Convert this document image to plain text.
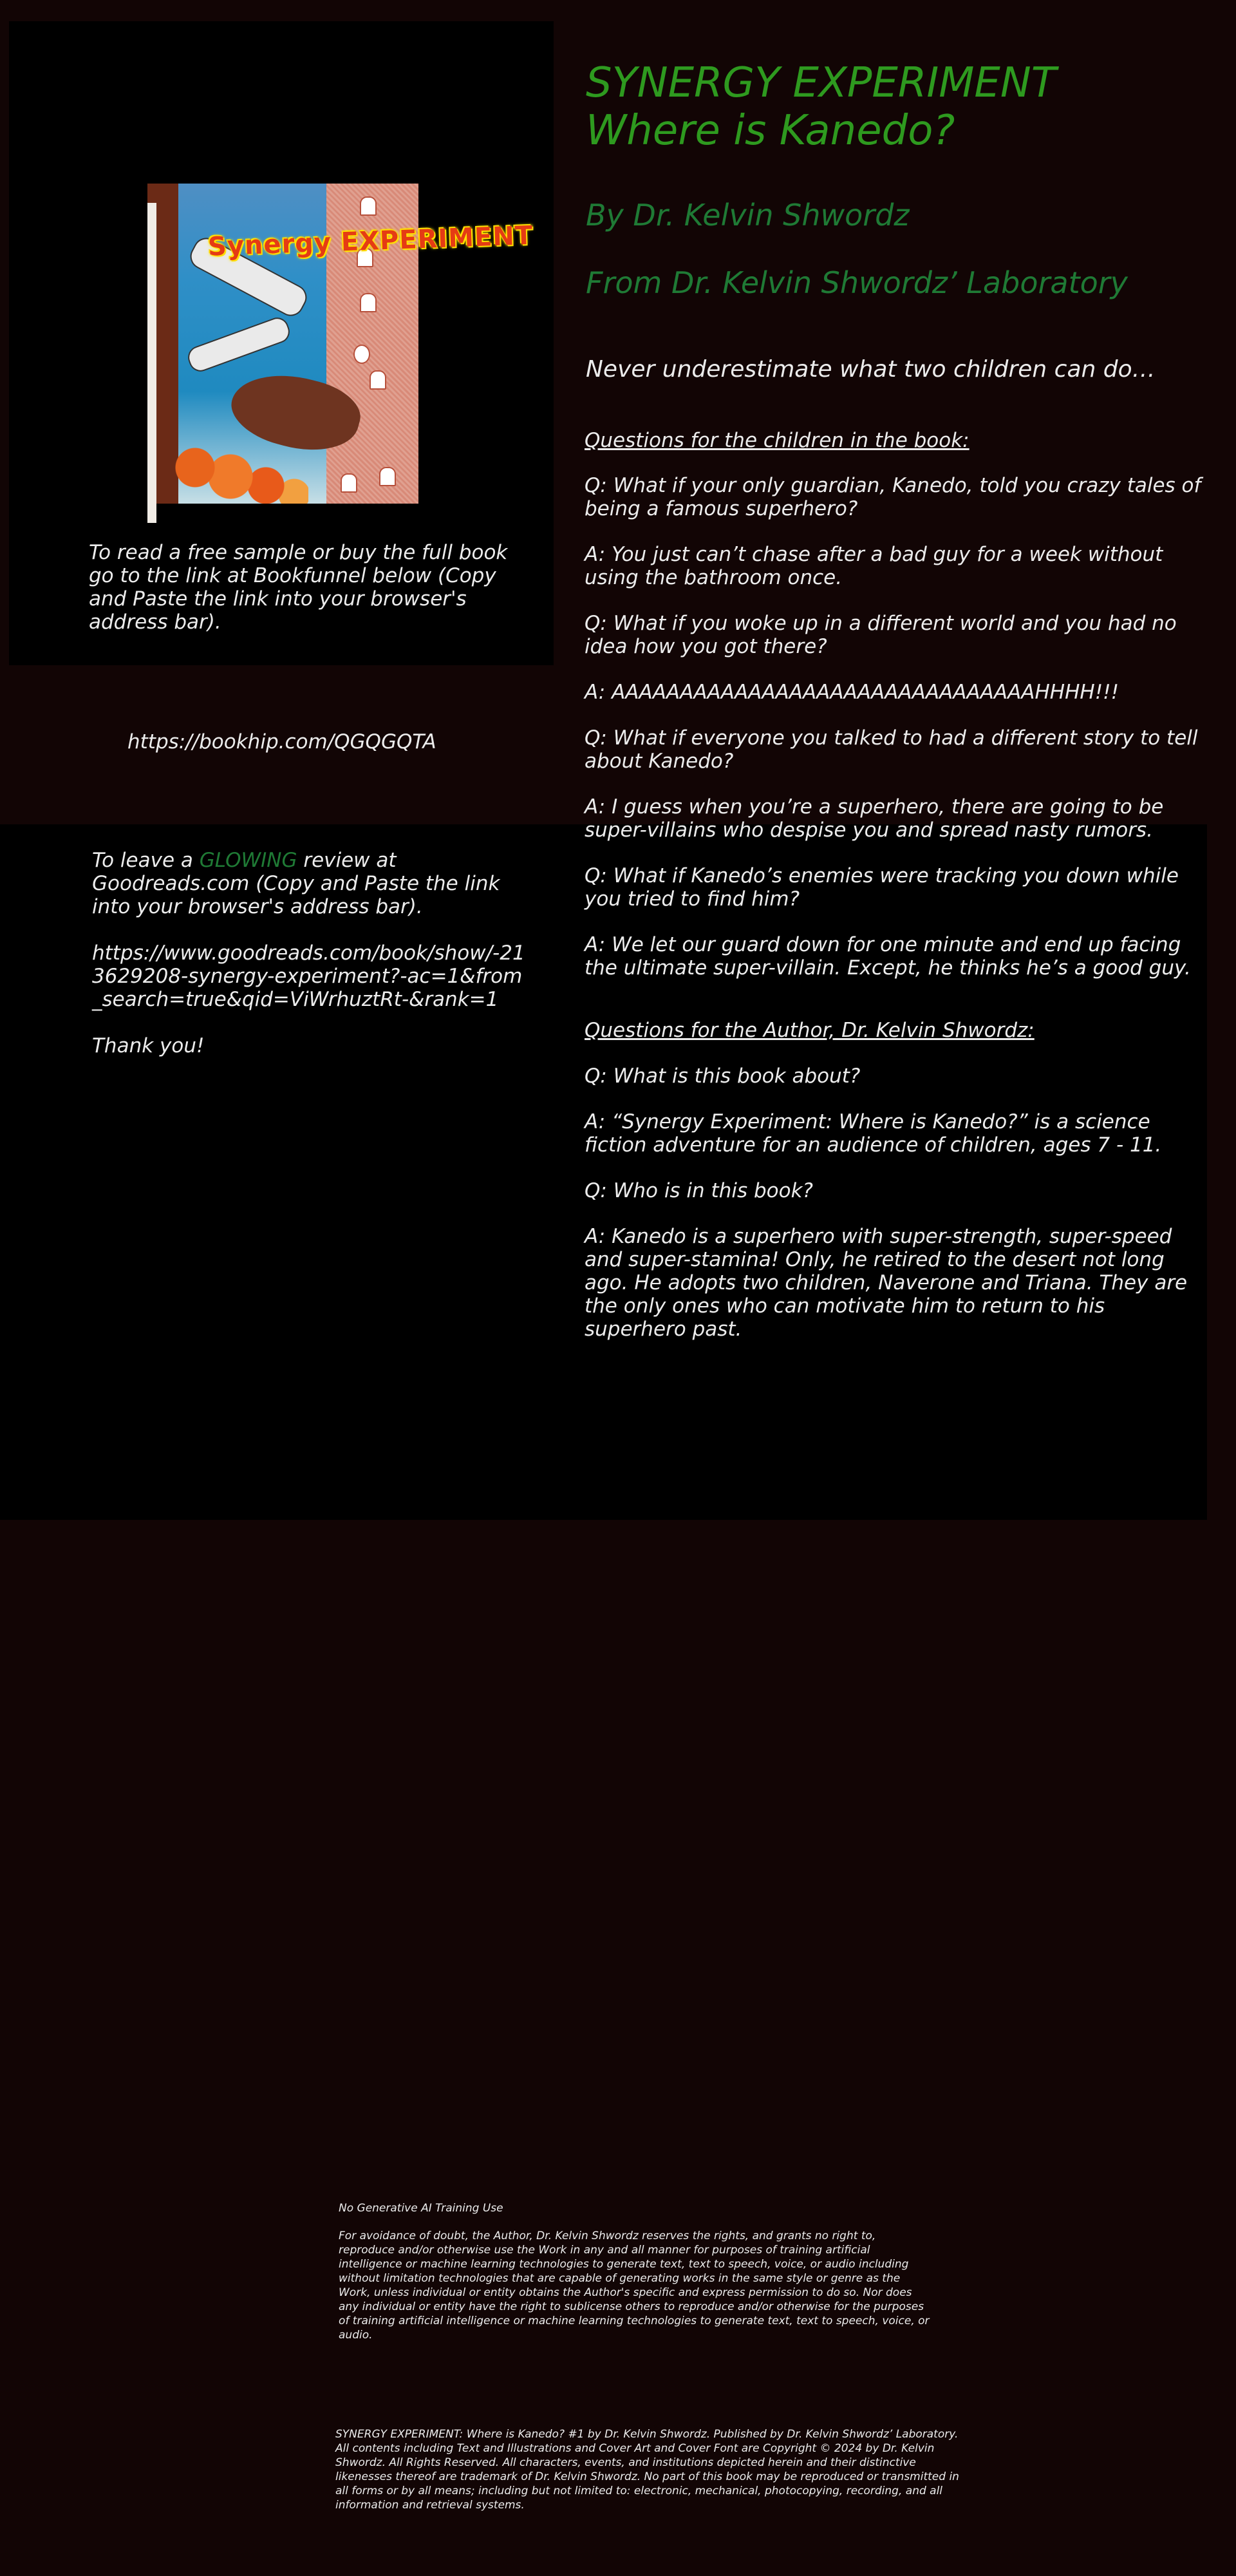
Synergy EXPERIMENT
To read a free sample or buy the full book go to the link at Bookfunnel below (Copy and Paste the link into your browser's address bar).
https://bookhip.com/QGQGQTA
To leave a GLOWING review at Goodreads.com (Copy and Paste the link into your browser's address bar).

https://www.goodreads.com/book/show/-213629208-synergy-experiment?-ac=1&from_search=true&qid=ViWrhuztRt-&rank=1

Thank you!
SYNERGY EXPERIMENT
Where is Kanedo?
By Dr. Kelvin Shwordz
From Dr. Kelvin Shwordz’ Laboratory
Never underestimate what two children can do…
Questions for the children in the book:
Q: What if your only guardian, Kanedo, told you crazy tales of being a famous superhero?
A: You just can’t chase after a bad guy for a week without using the bathroom once.
Q: What if you woke up in a different world and you had no idea how you got there?
A: AAAAAAAAAAAAAAAAAAAAAAAAAAAAAAAHHHH!!!
Q: What if everyone you talked to had a different story to tell about Kanedo?
A: I guess when you’re a superhero, there are going to be super-villains who despise you and spread nasty rumors.
Q: What if Kanedo’s enemies were tracking you down while you tried to find him?
A: We let our guard down for one minute and end up facing the ultimate super-villain. Except, he thinks he’s a good guy.
Questions for the Author, Dr. Kelvin Shwordz:
Q: What is this book about?
A: “Synergy Experiment: Where is Kanedo?” is a science fiction adventure for an audience of children, ages 7 - 11.
Q: Who is in this book?
A: Kanedo is a superhero with super-strength, super-speed and super-stamina! Only, he retired to the desert not long ago. He adopts two children, Naverone and Triana. They are the only ones who can motivate him to return to his superhero past.
No Generative AI Training Use
For avoidance of doubt, the Author, Dr. Kelvin Shwordz reserves the rights, and grants no right to, reproduce and/or otherwise use the Work in any and all manner for purposes of training artificial intelligence or machine learning technologies to generate text, text to speech, voice, or audio including without limitation technologies that are capable of generating works in the same style or genre as the Work, unless individual or entity obtains the Author's specific and express permission to do so. Nor does any individual or entity have the right to sublicense others to reproduce and/or otherwise for the purposes of training artificial intelligence or machine learning technologies to generate text, text to speech, voice, or audio.
SYNERGY EXPERIMENT: Where is Kanedo? #1 by Dr. Kelvin Shwordz. Published by Dr. Kelvin Shwordz’ Laboratory. All contents including Text and Illustrations and Cover Art and Cover Font are Copyright © 2024 by Dr. Kelvin Shwordz. All Rights Reserved. All characters, events, and institutions depicted herein and their distinctive likenesses thereof are trademark of Dr. Kelvin Shwordz. No part of this book may be reproduced or transmitted in all forms or by all means; including but not limited to: electronic, mechanical, photocopying, recording, and all information and retrieval systems.
